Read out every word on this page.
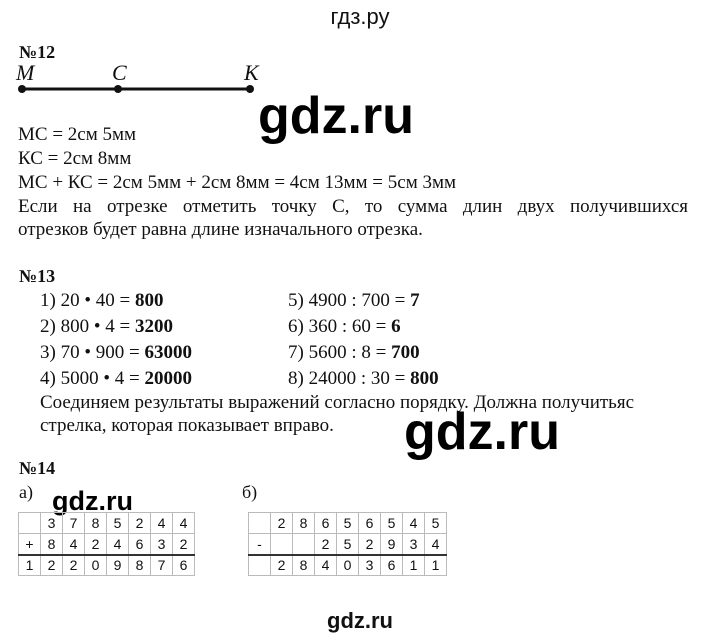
гдз.ру
№12
M	C	K
МС = 2см 5мм
КС = 2см 8мм
МС + КС = 2см 5мм + 2см 8мм = 4см 13мм = 5см 3мм
Если на отрезке отметить точку С, то сумма длин двух получившихся
отрезков будет равна длине изначального отрезка.
gdz.ru
№13
1) 20 • 40 = 800
2) 800 • 4 = 3200
3) 70 • 900 = 63000
4) 5000 • 4 = 20000
5) 4900 : 700 = 7
6) 360 : 60 = 6
7) 5600 : 8 = 700
8) 24000 : 30 = 800
Соединяем результаты выражений согласно порядку. Должна получитьяс
стрелка, которая показывает вправо.	gdz.ru
№14
а)	б)
gdz.ru
	3	7	8	5	2	4	4
+	8	4	2	4	6	3	2
1	2	2	0	9	8	7	6
	2	8	6	5	6	5	4	5
-			2	5	2	9	3	4
	2	8	4	0	3	6	1	1
gdz.ru
